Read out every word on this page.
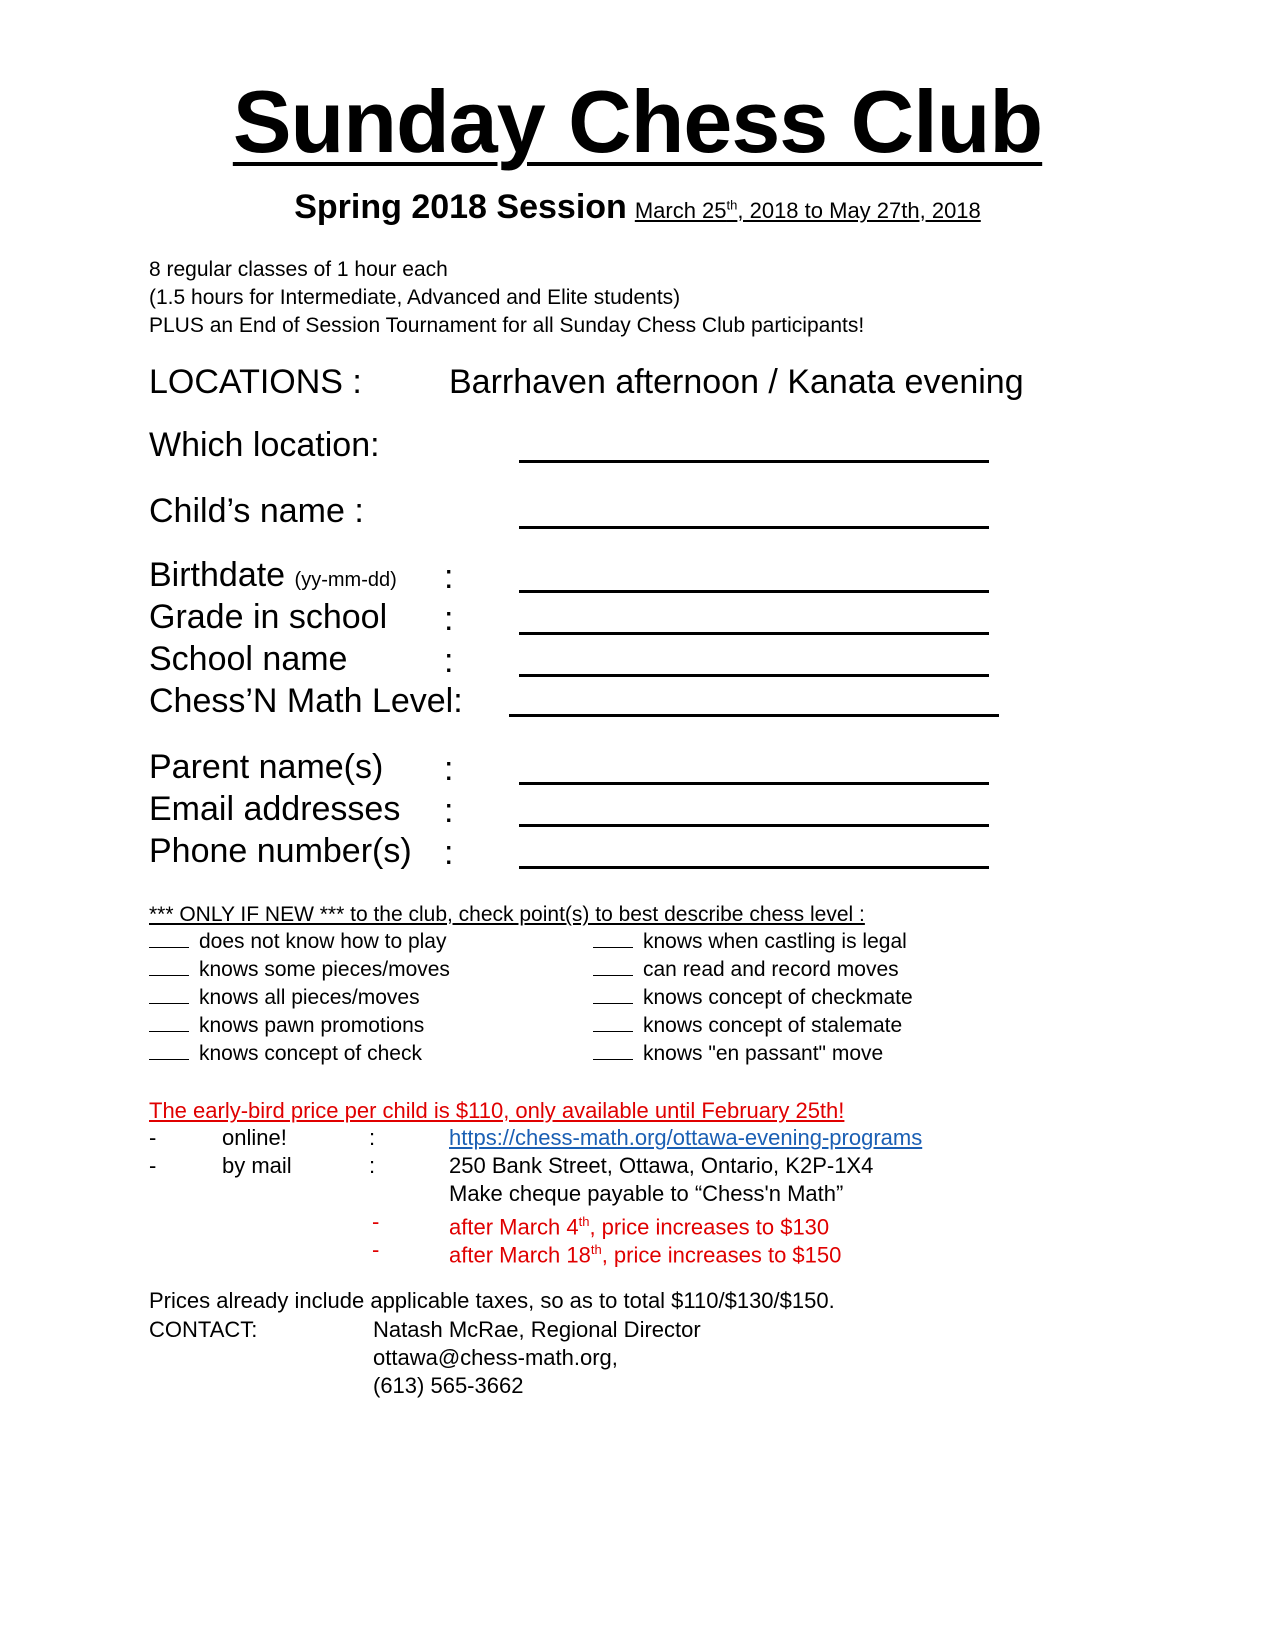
Sunday Chess Club
Spring 2018 Session March 25th, 2018 to May 27th, 2018
8 regular classes of 1 hour each
(1.5 hours for Intermediate, Advanced and Elite students)
PLUS an End of Session Tournament for all Sunday Chess Club participants!
LOCATIONS :	Barrhaven afternoon / Kanata evening
Which location:
Child’s name :
Birthdate (yy-mm-dd) :
Grade in school :
School name	:
Chess’N Math Level:
Parent name(s) :
Email addresses :
Phone number(s) :
*** ONLY IF NEW *** to the club, check point(s) to best describe chess level :
does not know how to play
knows some pieces/moves
knows all pieces/moves
knows pawn promotions
knows concept of check
knows when castling is legal
can read and record moves
knows concept of checkmate
knows concept of stalemate
knows "en passant" move
The early-bird price per child is $110, only available until February 25th!
-	online!	:	https://chess-math.org/ottawa-evening-programs
-	by mail	:	250 Bank Street, Ottawa, Ontario, K2P-1X4
Make cheque payable to “Chess'n Math”
-	after March 4th, price increases to $130
-	after March 18th, price increases to $150
Prices already include applicable taxes, so as to total $110/$130/$150.
CONTACT:	Natash McRae, Regional Director
ottawa@chess-math.org,
(613) 565-3662
